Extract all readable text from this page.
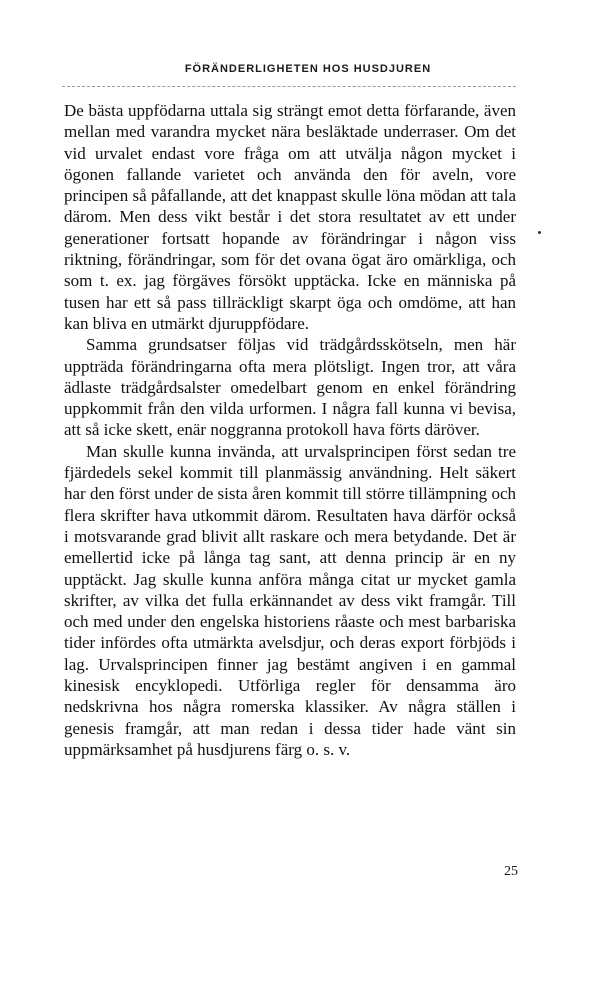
FÖRÄNDERLIGHETEN HOS HUSDJUREN

De bästa uppfödarna uttala sig strängt emot detta förfarande, även mellan med varandra mycket nära besläktade underraser. Om det vid urvalet endast vore fråga om att utvälja någon mycket i ögonen fallande varietet och använda den för aveln, vore principen så påfallande, att det knappast skulle löna mödan att tala därom. Men dess vikt består i det stora resultatet av ett under generationer fortsatt hopande av förändringar i någon viss riktning, förändringar, som för det ovana ögat äro omärkliga, och som t. ex. jag förgäves försökt upptäcka. Icke en människa på tusen har ett så pass tillräckligt skarpt öga och omdöme, att han kan bliva en utmärkt djuruppfödare.

Samma grundsatser följas vid trädgårdsskötseln, men här uppträda förändringarna ofta mera plötsligt. Ingen tror, att våra ädlaste trädgårdsalster omedelbart genom en enkel förändring uppkommit från den vilda urformen. I några fall kunna vi bevisa, att så icke skett, enär noggranna protokoll hava förts däröver.

Man skulle kunna invända, att urvalsprincipen först sedan tre fjärdedels sekel kommit till planmässig användning. Helt säkert har den först under de sista åren kommit till större tillämpning och flera skrifter hava utkommit därom. Resultaten hava därför också i motsvarande grad blivit allt raskare och mera betydande. Det är emellertid icke på långa tag sant, att denna princip är en ny upptäckt. Jag skulle kunna anföra många citat ur mycket gamla skrifter, av vilka det fulla erkännandet av dess vikt framgår. Till och med under den engelska historiens råaste och mest barbariska tider infördes ofta utmärkta avelsdjur, och deras export förbjöds i lag. Urvalsprincipen finner jag bestämt angiven i en gammal kinesisk encyklopedi. Utförliga regler för densamma äro nedskrivna hos några romerska klassiker. Av några ställen i genesis framgår, att man redan i dessa tider hade vänt sin uppmärksamhet på husdjurens färg o. s. v.

25
